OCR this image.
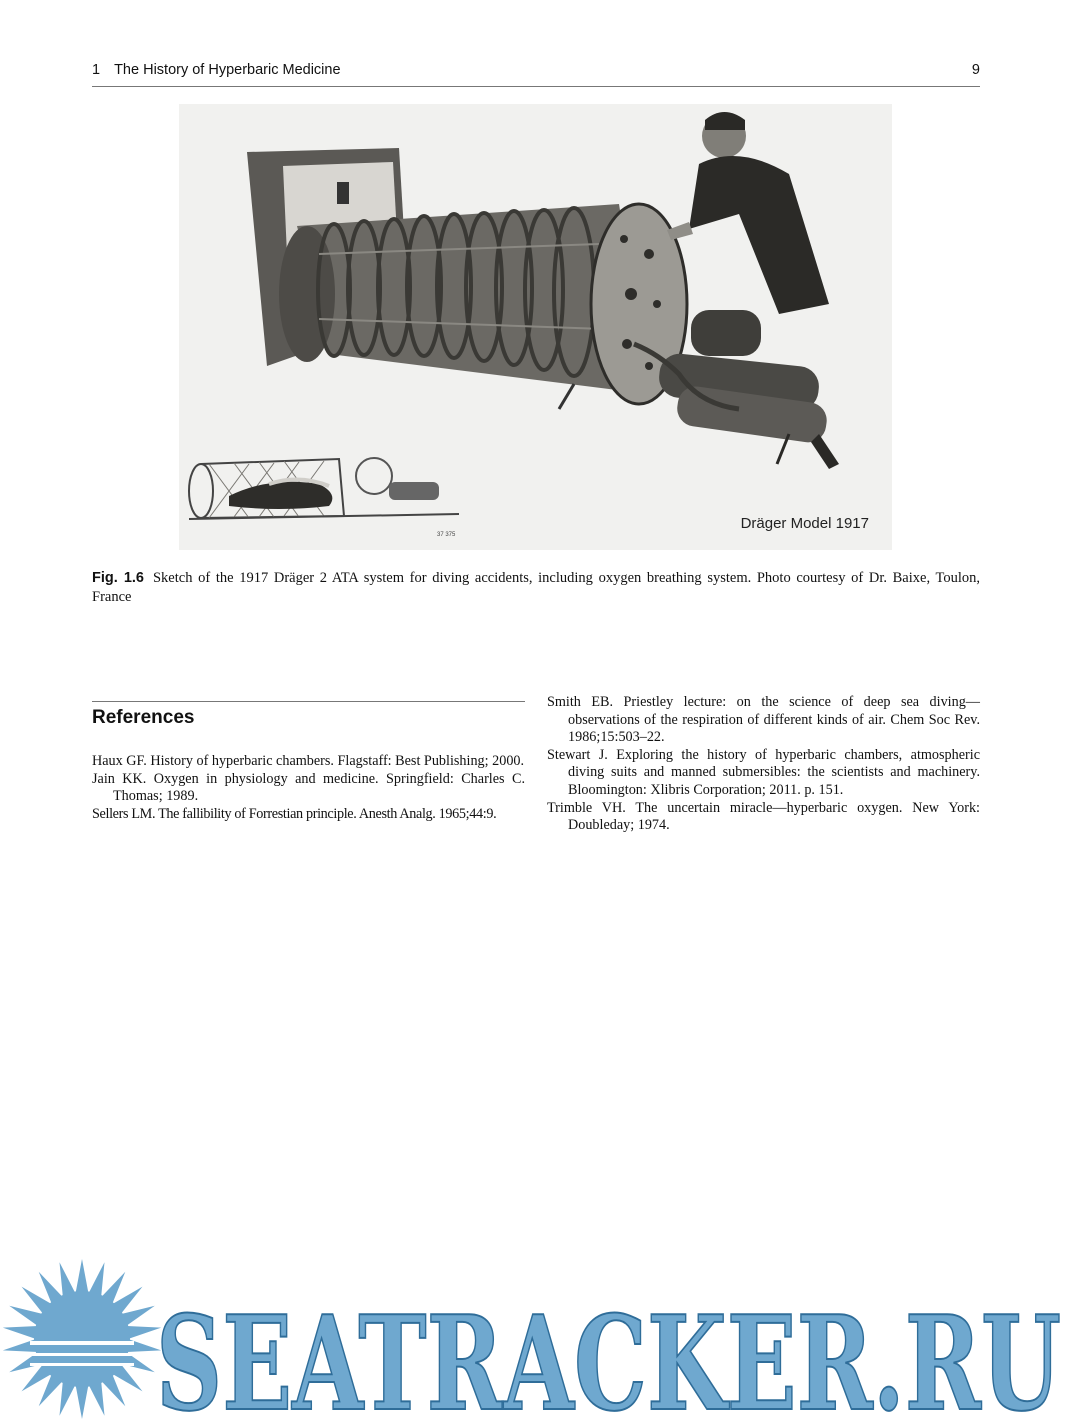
1 The History of Hyperbaric Medicine	9
Dräger Model 1917
37 375
Fig. 1.6 Sketch of the 1917 Dräger 2 ATA system for diving accidents, including oxygen breathing system. Photo courtesy of Dr. Baixe, Toulon, France
References

Haux GF. History of hyperbaric chambers. Flagstaff: Best Publishing; 2000.

Jain KK. Oxygen in physiology and medicine. Springfield: Charles C. Thomas; 1989.

Sellers LM. The fallibility of Forrestian principle. Anesth Analg. 1965;44:9.

Smith EB. Priestley lecture: on the science of deep sea diving—observations of the respiration of different kinds of air. Chem Soc Rev. 1986;15:503–22.

Stewart J. Exploring the history of hyperbaric chambers, atmospheric diving suits and manned submersibles: the scientists and machinery. Bloomington: Xlibris Corporation; 2011. p. 151.

Trimble VH. The uncertain miracle—hyperbaric oxygen. New York: Doubleday; 1974.

SEATRACKER.RU
